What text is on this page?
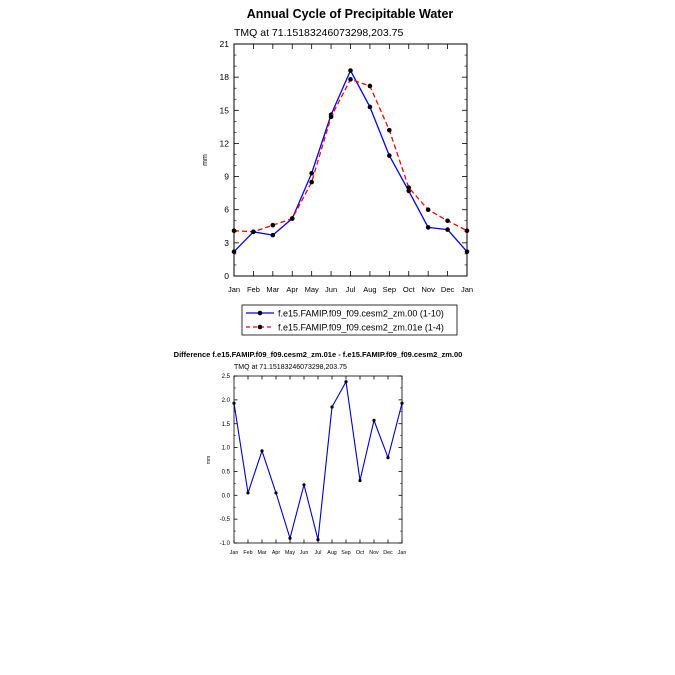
Annual Cycle of Precipitable Water
TMQ at 71.15183246073298,203.75
mm
0
3
6
9
12
15
18
21
Jan Feb Mar Apr May Jun Jul Aug Sep Oct Nov Dec Jan
f.e15.FAMIP.f09_f09.cesm2_zm.00 (1-10)
f.e15.FAMIP.f09_f09.cesm2_zm.01e (1-4)
Difference f.e15.FAMIP.f09_f09.cesm2_zm.01e - f.e15.FAMIP.f09_f09.cesm2_zm.00
TMQ at 71.15183246073298,203.75
mm
-1.0
-0.5
0.0
0.5
1.0
1.5
2.0
2.5
Jan Feb Mar Apr May Jun Jul Aug Sep Oct Nov Dec Jan
